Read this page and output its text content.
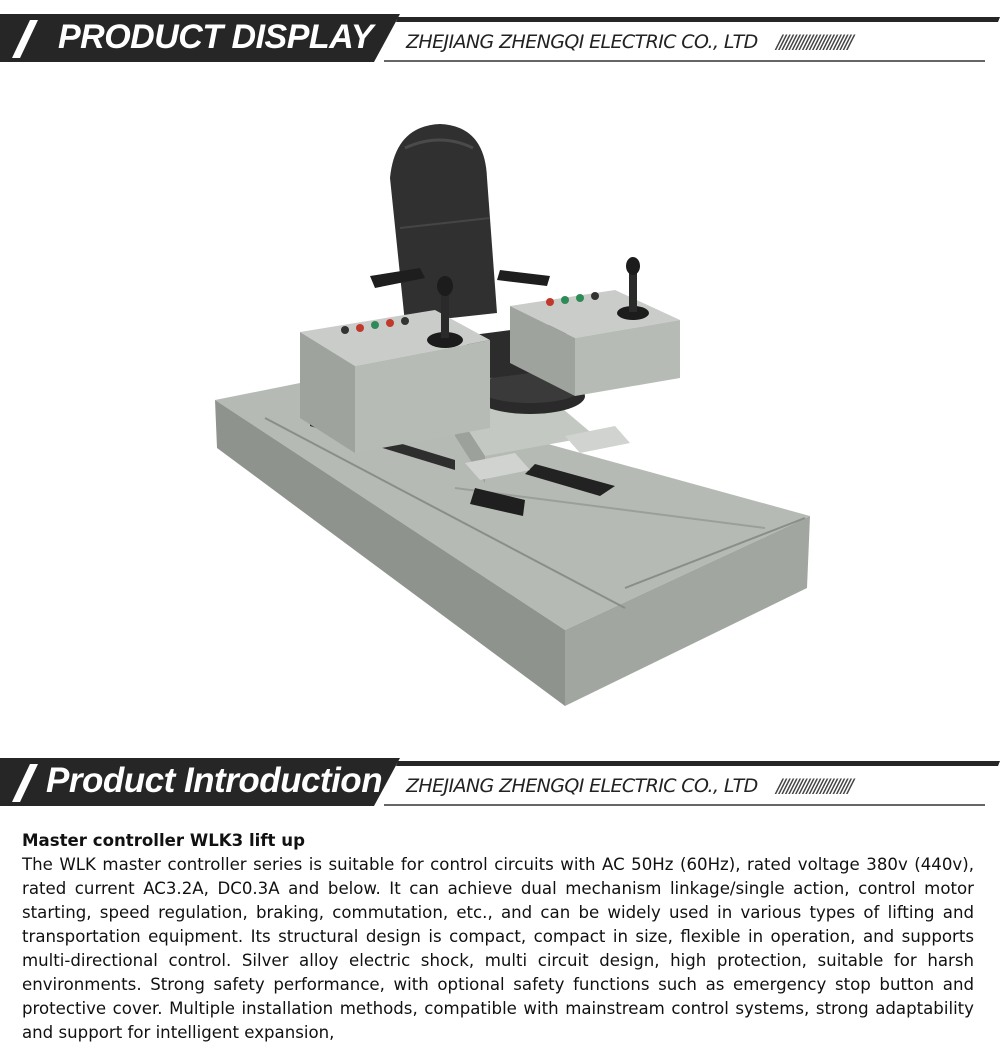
PRODUCT DISPLAY ZHEJIANG ZHENGQI ELECTRIC CO., LTD //////////////////////
Product Introduction ZHEJIANG ZHENGQI ELECTRIC CO., LTD //////////////////////
Master controller WLK3 lift up
The WLK master controller series is suitable for control circuits with AC 50Hz (60Hz), rated voltage 380v (440v), rated current AC3.2A, DC0.3A and below. It can achieve dual mechanism linkage/single action, control motor starting, speed regulation, braking, commutation, etc., and can be widely used in various types of lifting and transportation equipment. Its structural design is compact, compact in size, flexible in operation, and supports multi-directional control. Silver alloy electric shock, multi circuit design, high protection, suitable for harsh environments. Strong safety performance, with optional safety functions such as emergency stop button and protective cover. Multiple installation methods, compatible with mainstream control systems, strong adaptability and support for intelligent expansion,
